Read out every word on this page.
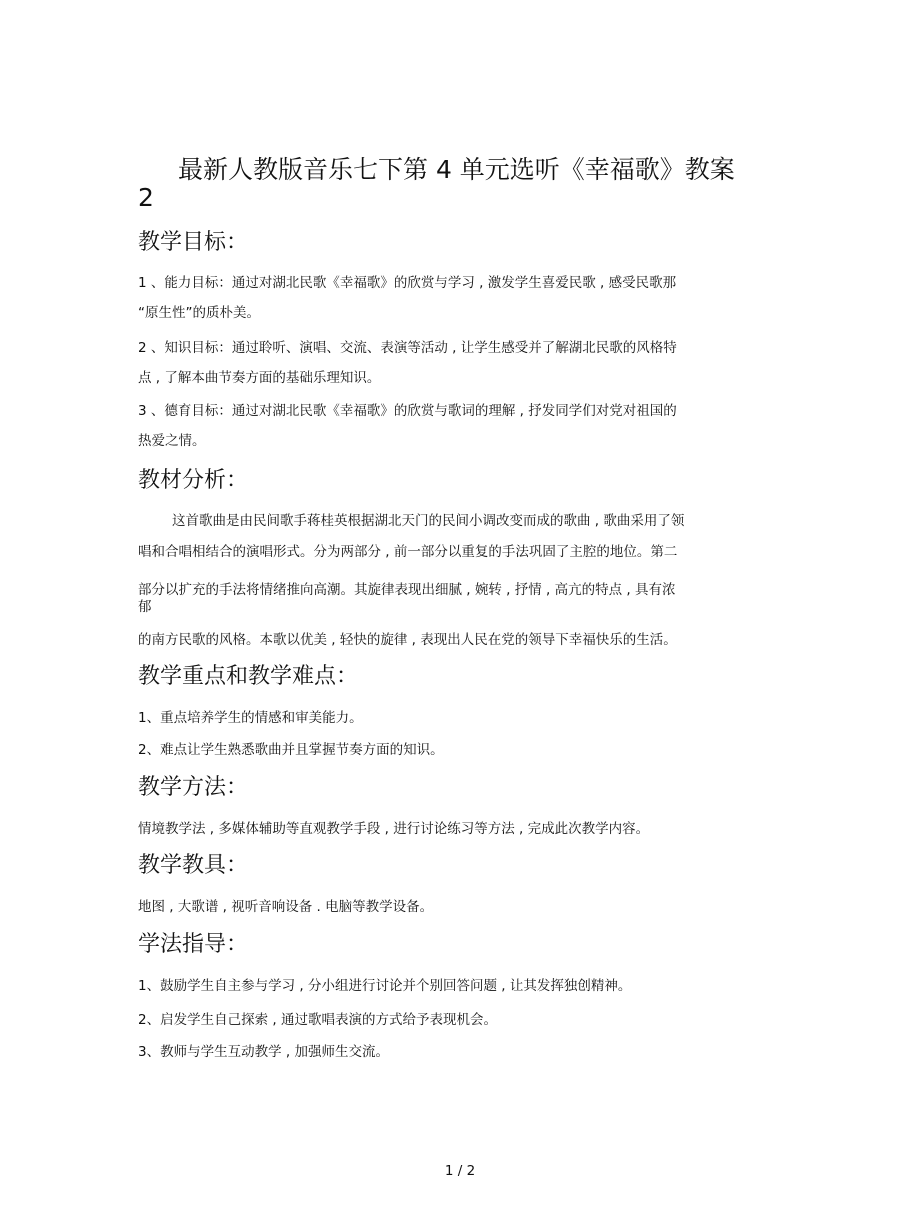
最新人教版音乐七下第 4 单元选听《幸福歌》教案
2
教学目标：

1 、能力目标：通过对湖北民歌《幸福歌》的欣赏与学习 , 激发学生喜爱民歌 , 感受民歌那

“原生性”的质朴美。

2 、知识目标：通过聆听、演唱、交流、表演等活动 , 让学生感受并了解湖北民歌的风格特

点 , 了解本曲节奏方面的基础乐理知识。

3 、德育目标：通过对湖北民歌《幸福歌》的欣赏与歌词的理解 , 抒发同学们对党对祖国的

热爱之情。

教材分析：

这首歌曲是由民间歌手蒋桂英根据湖北天门的民间小调改变而成的歌曲 , 歌曲采用了领

唱和合唱相结合的演唱形式。分为两部分 , 前一部分以重复的手法巩固了主腔的地位。第二

部分以扩充的手法将情绪推向高潮。其旋律表现出细腻 , 婉转 , 抒情 , 高亢的特点 , 具有浓

郁

的南方民歌的风格。本歌以优美 , 轻快的旋律 , 表现出人民在党的领导下幸福快乐的生活。

教学重点和教学难点：

1、重点培养学生的情感和审美能力。

2、难点让学生熟悉歌曲并且掌握节奏方面的知识。

教学方法：

情境教学法 , 多媒体辅助等直观教学手段 , 进行讨论练习等方法 , 完成此次教学内容。

教学教具：

地图 , 大歌谱 , 视听音响设备 . 电脑等教学设备。

学法指导：

1、鼓励学生自主参与学习 , 分小组进行讨论并个别回答问题 , 让其发挥独创精神。

2、启发学生自己探索 , 通过歌唱表演的方式给予表现机会。

3、教师与学生互动教学 , 加强师生交流。

1 / 2
